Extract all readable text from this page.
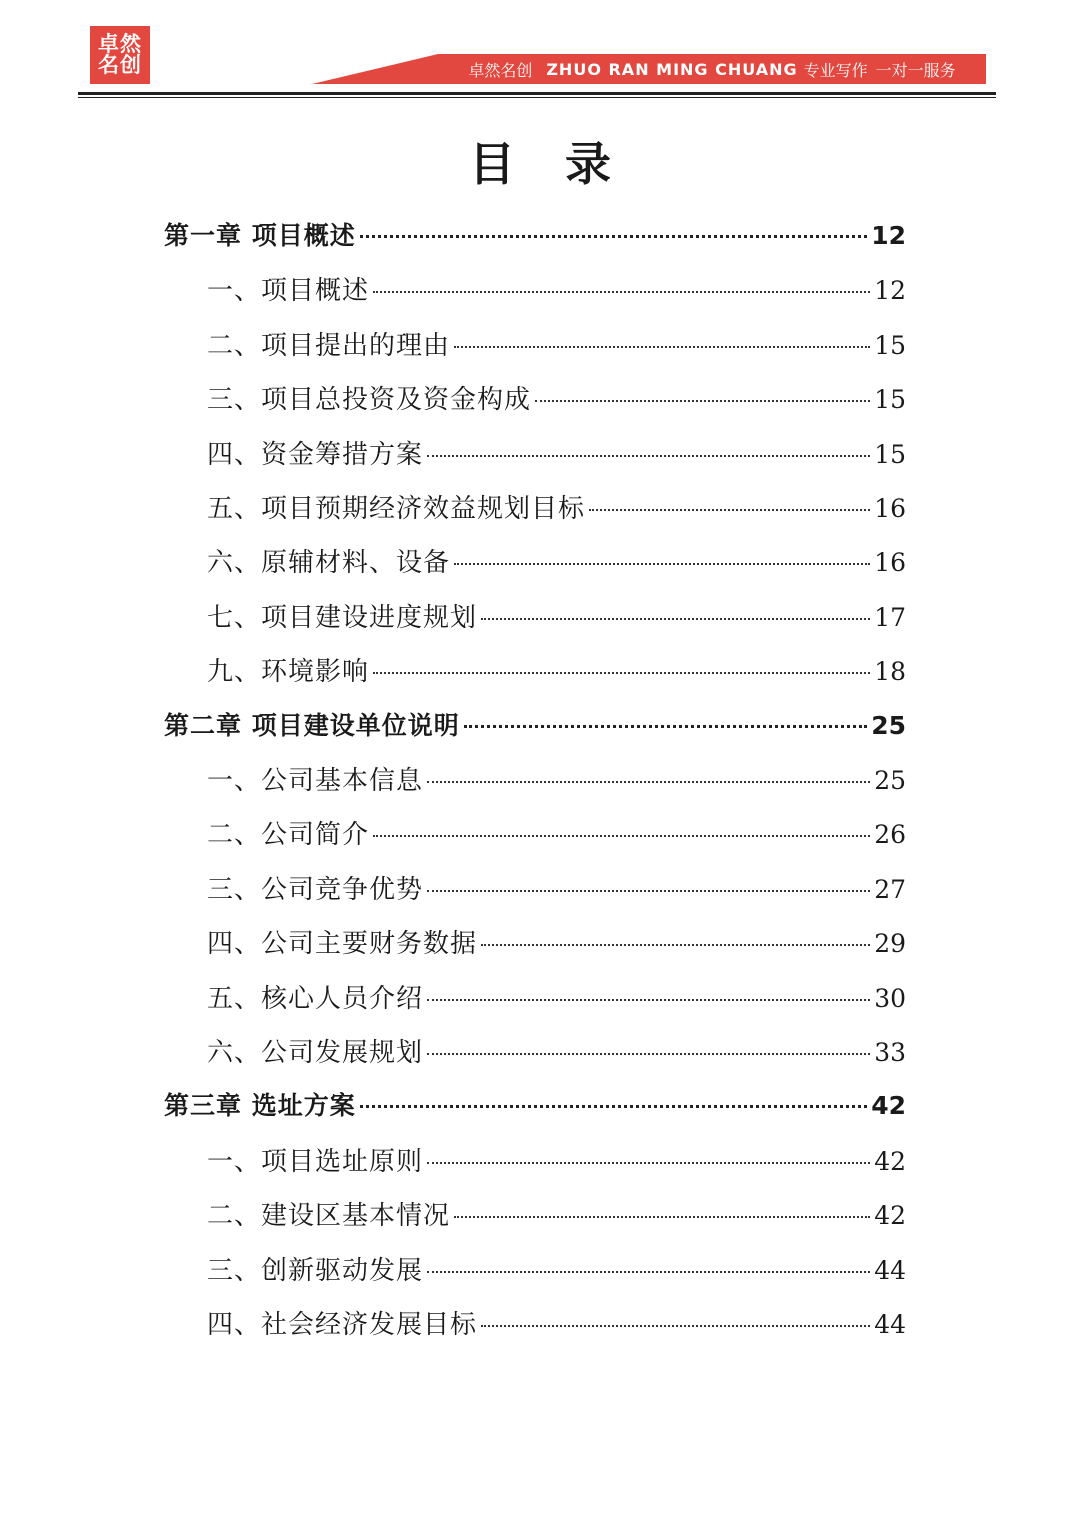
卓然
名创	卓然名创 ZHUO RAN MING CHUANG 专业写作 一对一服务
目录
第一章 项目概述	12
一、项目概述	12
二、项目提出的理由	15
三、项目总投资及资金构成	15
四、资金筹措方案	15
五、项目预期经济效益规划目标	16
六、原辅材料、设备	16
七、项目建设进度规划	17
九、环境影响	18
第二章 项目建设单位说明	25
一、公司基本信息	25
二、公司简介	26
三、公司竞争优势	27
四、公司主要财务数据	29
五、核心人员介绍	30
六、公司发展规划	33
第三章 选址方案	42
一、项目选址原则	42
二、建设区基本情况	42
三、创新驱动发展	44
四、社会经济发展目标	44
